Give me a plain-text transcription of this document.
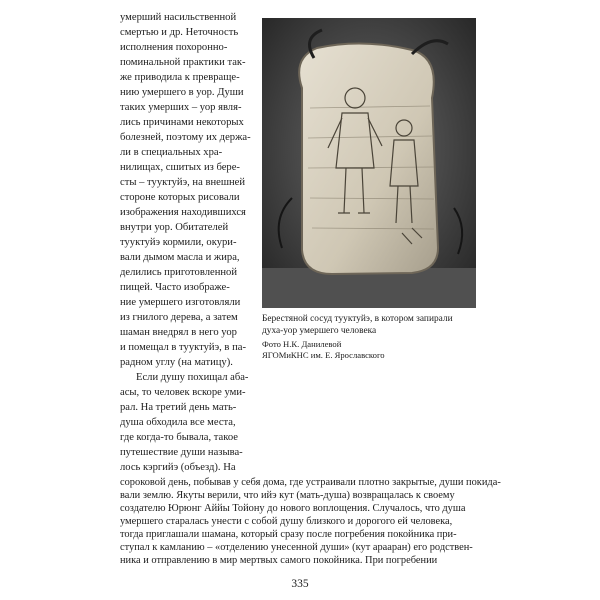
умерший насильственной
смертью и др. Неточность
исполнения похоронно-
поминальной практики так-
же приводила к превраще-
нию умершего в уор. Души
таких умерших – уор явля-
лись причинами некоторых
болезней, поэтому их держа-
ли в специальных хра-
нилищах, сшитых из бере-
сты – тууктуйэ, на внешней
стороне которых рисовали
изображения находившихся
внутри уор. Обитателей
тууктуйэ кормили, окури-
вали дымом масла и жира,
делились приготовленной
пищей. Часто изображе-
ние умершего изготовляли
из гнилого дерева, а затем
шаман внедрял в него уор
и помещал в тууктуйэ, в па-
радном углу (на матицу).
Если душу похищал аба-
асы, то человек вскоре уми-
рал. На третий день мать-
душа обходила все места,
где когда-то бывала, такое
путешествие души называ-
лось кэргийэ (объезд). На
Берестяной сосуд тууктуйэ, в котором запирали
духа-уор умершего человека
Фото Н.К. Данилевой
ЯГОМиКНС им. Е. Ярославского
сороковой день, побывав у себя дома, где устраивали плотно закрытые, души покида-
вали землю. Якуты верили, что ийэ кут (мать-душа) возвращалась к своему
создателю Юрюнг Аййы Тойону до нового воплощения. Случалось, что душа
умершего старалась унести с собой душу близкого и дорогого ей человека,
тогда приглашали шамана, который сразу после погребения покойника при-
ступал к камланию – «отделению унесенной души» (кут арааран) его родствен-
ника и отправлению в мир мертвых самого покойника. При погребении
335
